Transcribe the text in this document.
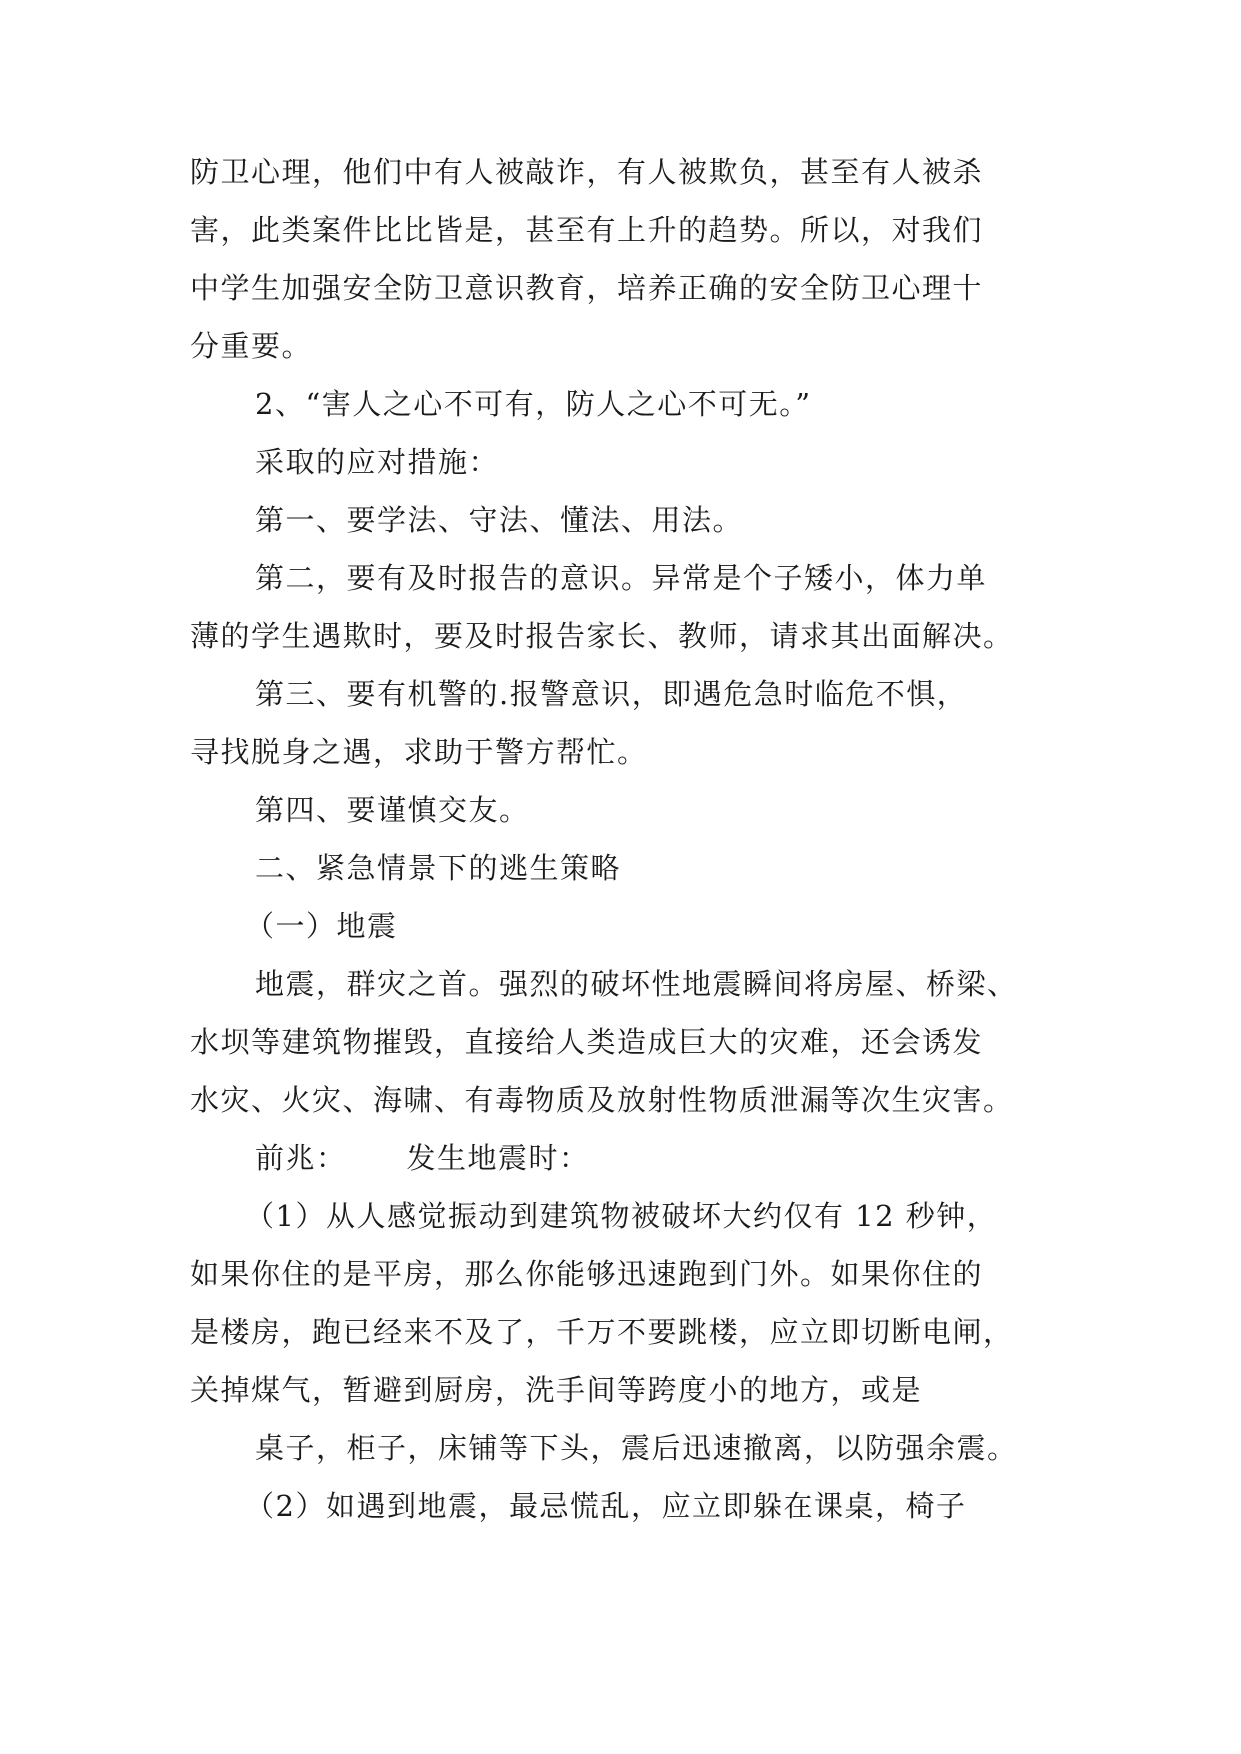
防卫心理，他们中有人被敲诈，有人被欺负，甚至有人被杀
害，此类案件比比皆是，甚至有上升的趋势。所以，对我们
中学生加强安全防卫意识教育，培养正确的安全防卫心理十
分重要。
2、“害人之心不可有，防人之心不可无。”
采取的应对措施：
第一、要学法、守法、懂法、用法。
第二，要有及时报告的意识。异常是个子矮小，体力单
薄的学生遇欺时，要及时报告家长、教师，请求其出面解决。
第三、要有机警的.报警意识，即遇危急时临危不惧，
寻找脱身之遇，求助于警方帮忙。
第四、要谨慎交友。
二、紧急情景下的逃生策略
（一）地震
地震，群灾之首。强烈的破坏性地震瞬间将房屋、桥梁、
水坝等建筑物摧毁，直接给人类造成巨大的灾难，还会诱发
水灾、火灾、海啸、有毒物质及放射性物质泄漏等次生灾害。
前兆： 发生地震时：
（1）从人感觉振动到建筑物被破坏大约仅有 12 秒钟，
如果你住的是平房，那么你能够迅速跑到门外。如果你住的
是楼房，跑已经来不及了，千万不要跳楼，应立即切断电闸，
关掉煤气，暂避到厨房，洗手间等跨度小的地方，或是
桌子，柜子，床铺等下头，震后迅速撤离，以防强余震。
（2）如遇到地震，最忌慌乱，应立即躲在课桌，椅子
